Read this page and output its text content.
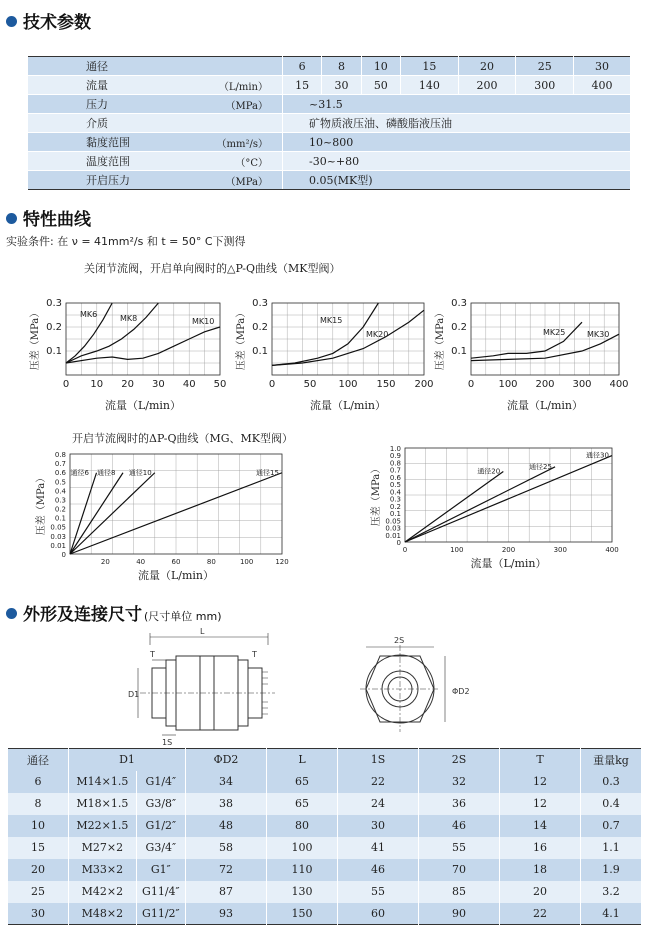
技术参数
通径		6	8	10	15	20	25	30
流量	（L/min）	15	30	50	140	200	300	400
压力	（MPa）	~31.5						
介质		矿物质液压油、磷酸脂液压油						
黏度范围	（mm²/s）	10~800						
温度范围	（°C）	-30~+80						
开启压力	（MPa）	0.05(MK型)						
特性曲线
实验条件: 在 ν = 41mm²/s 和 t = 50° C下测得
关闭节流阀，开启单向阀时的△P-Q曲线（MK型阀）
开启节流阀时的ΔP-Q曲线（MG、MK型阀）
0 10 20 30 40 50
0.1
0.2
0.3
流量（L/min）
压差（MPa）	MK6	MK8	MK10
0	50 100 150 200
0.1
0.2
0.3
流量（L/min）
压差（MPa）	MK15
MK20
0 100 200 300 400
0.1
0.2
0.3
流量（L/min）
压差（MPa）	MK25	MK30
20	40	60	80	100	120
0
0.01
0.03
0.05
0.1
0.2
0.3
0.4
0.5
0.6
0.7
0.8
流量（L/min）
压差（MPa）
通径6 通径8 通径10	通径15
0	100	200	300	400
0
0.01
0.03
0.05
0.1
0.2
0.3
0.4
0.5
0.6
0.7
0.8
0.9
1.0
流量（L/min）
压差（MPa）	通径20
通径25
通径30
外形及连接尺寸 (尺寸单位 mm)
L
T	T
D1
1S
2S
ΦD2
通径	D1		ΦD2	L	1S	2S	T	重量kg
6	M14×1.5	G1/4″	34	65	22	32	12	0.3
8	M18×1.5	G3/8″	38	65	24	36	12	0.4
10	M22×1.5	G1/2″	48	80	30	46	14	0.7
15	M27×2	G3/4″	58	100	41	55	16	1.1
20	M33×2	G1″	72	110	46	70	18	1.9
25	M42×2	G11/4″	87	130	55	85	20	3.2
30	M48×2	G11/2″	93	150	60	90	22	4.1
